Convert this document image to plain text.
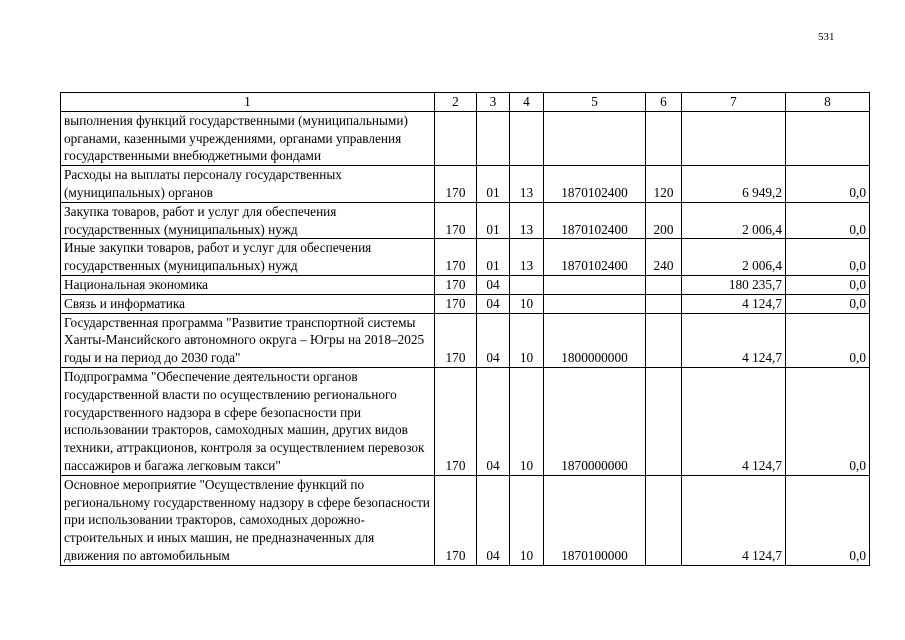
531
1	2	3	4	5	6	7	8
выполнения функций государственными (муниципальными) органами, казенными учреждениями, органами управления государственными внебюджетными фондами							
Расходы на выплаты персоналу государственных (муниципальных) органов	170	01	13	1870102400	120	6 949,2	0,0
Закупка товаров, работ и услуг для обеспечения государственных (муниципальных) нужд	170	01	13	1870102400	200	2 006,4	0,0
Иные закупки товаров, работ и услуг для обеспечения государственных (муниципальных) нужд	170	01	13	1870102400	240	2 006,4	0,0
Национальная экономика	170	04				180 235,7	0,0
Связь и информатика	170	04	10			4 124,7	0,0
Государственная программа "Развитие транспортной системы Ханты-Мансийского автономного округа – Югры на 2018–2025 годы и на период до 2030 года"	170	04	10	1800000000		4 124,7	0,0
Подпрограмма "Обеспечение деятельности органов государственной власти по осуществлению регионального государственного надзора в сфере безопасности при использовании тракторов, самоходных машин, других видов техники, аттракционов, контроля за осуществлением перевозок пассажиров и багажа легковым такси"	170	04	10	1870000000		4 124,7	0,0
Основное мероприятие "Осуществление функций по региональному государственному надзору в сфере безопасности при использовании тракторов, самоходных дорожно-строительных и иных машин, не предназначенных для движения по автомобильным	170	04	10	1870100000		4 124,7	0,0
